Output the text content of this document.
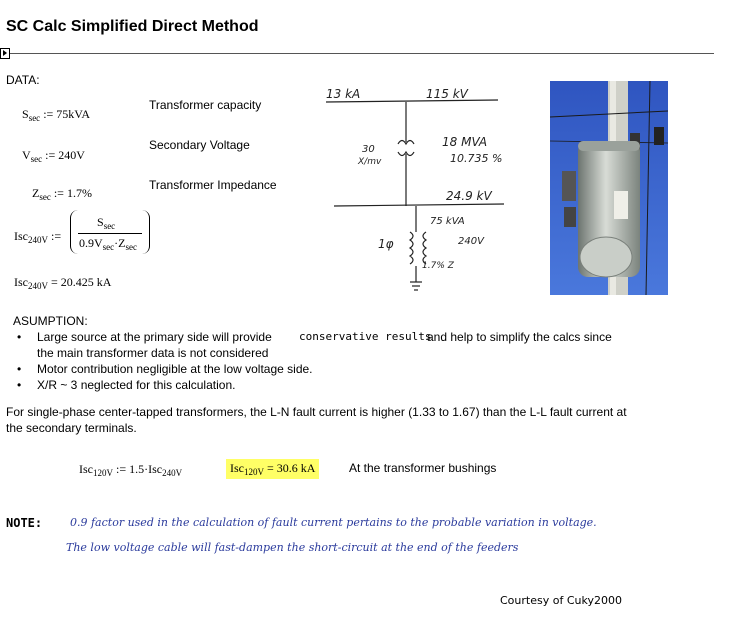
SC Calc Simplified Direct Method
DATA:
$S_{sec}$ := 75kVA
Transformer capacity
$V_{sec}$ := 240V
Secondary Voltage
$Z_{sec}$ := 1.7%
Transformer Impedance
Isc$_{240V}$ :=
$S_{sec}$
$0.9V_{sec}\cdot Z_{sec}$
Isc$_{240V}$ = 20.425 kA
13 kA	115 kV
30
X/mv
18 MVA
10.735 %
24.9 kV
75 kVA
1φ	240V
1.7% Z
ASUMPTION:
• Large source at the primary side will provide conservative results
and help to simplify the calcs since
the main transformer data is not considered
• Motor contribution negligible at the low voltage side.
• X/R ~ 3 neglected for this calculation.
For single-phase center-tapped transformers, the L-N fault current is higher (1.33 to 1.67) than the L-L fault current at
the secondary terminals.
Isc$_{120V}$ := 1.5·Isc$_{240V}$	Isc$_{120V}$ = 30.6 kA	At the transformer bushings
NOTE:	0.9 factor used in the calculation of fault current pertains to the probable variation in voltage.
The low voltage cable will fast-dampen the short-circuit at the end of the feeders
Courtesy of Cuky2000
